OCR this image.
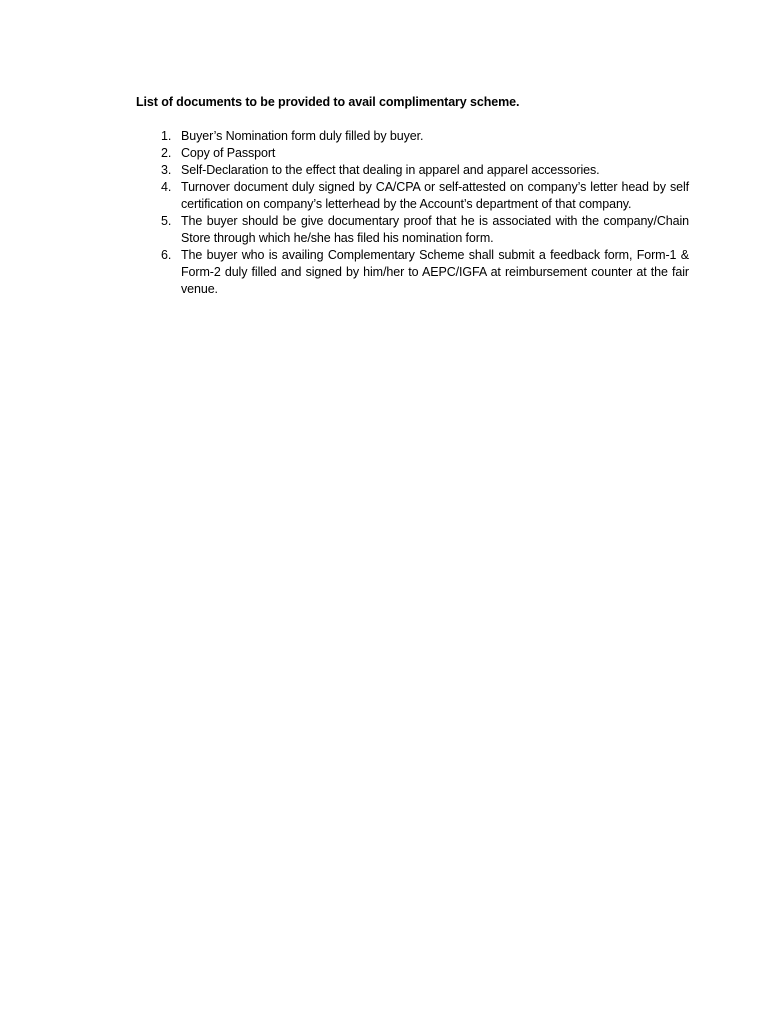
List of documents to be provided to avail complimentary scheme.
1. Buyer’s Nomination form duly filled by buyer.
2. Copy of Passport
3. Self-Declaration to the effect that dealing in apparel and apparel accessories.
4. Turnover document duly signed by CA/CPA or self-attested on company’s letter head by self certification on company’s letterhead by the Account’s department of that company.
5. The buyer should be give documentary proof that he is associated with the company/Chain Store through which he/she has filed his nomination form.
6. The buyer who is availing Complementary Scheme shall submit a feedback form, Form-1 & Form-2 duly filled and signed by him/her to AEPC/IGFA at reimbursement counter at the fair venue.
